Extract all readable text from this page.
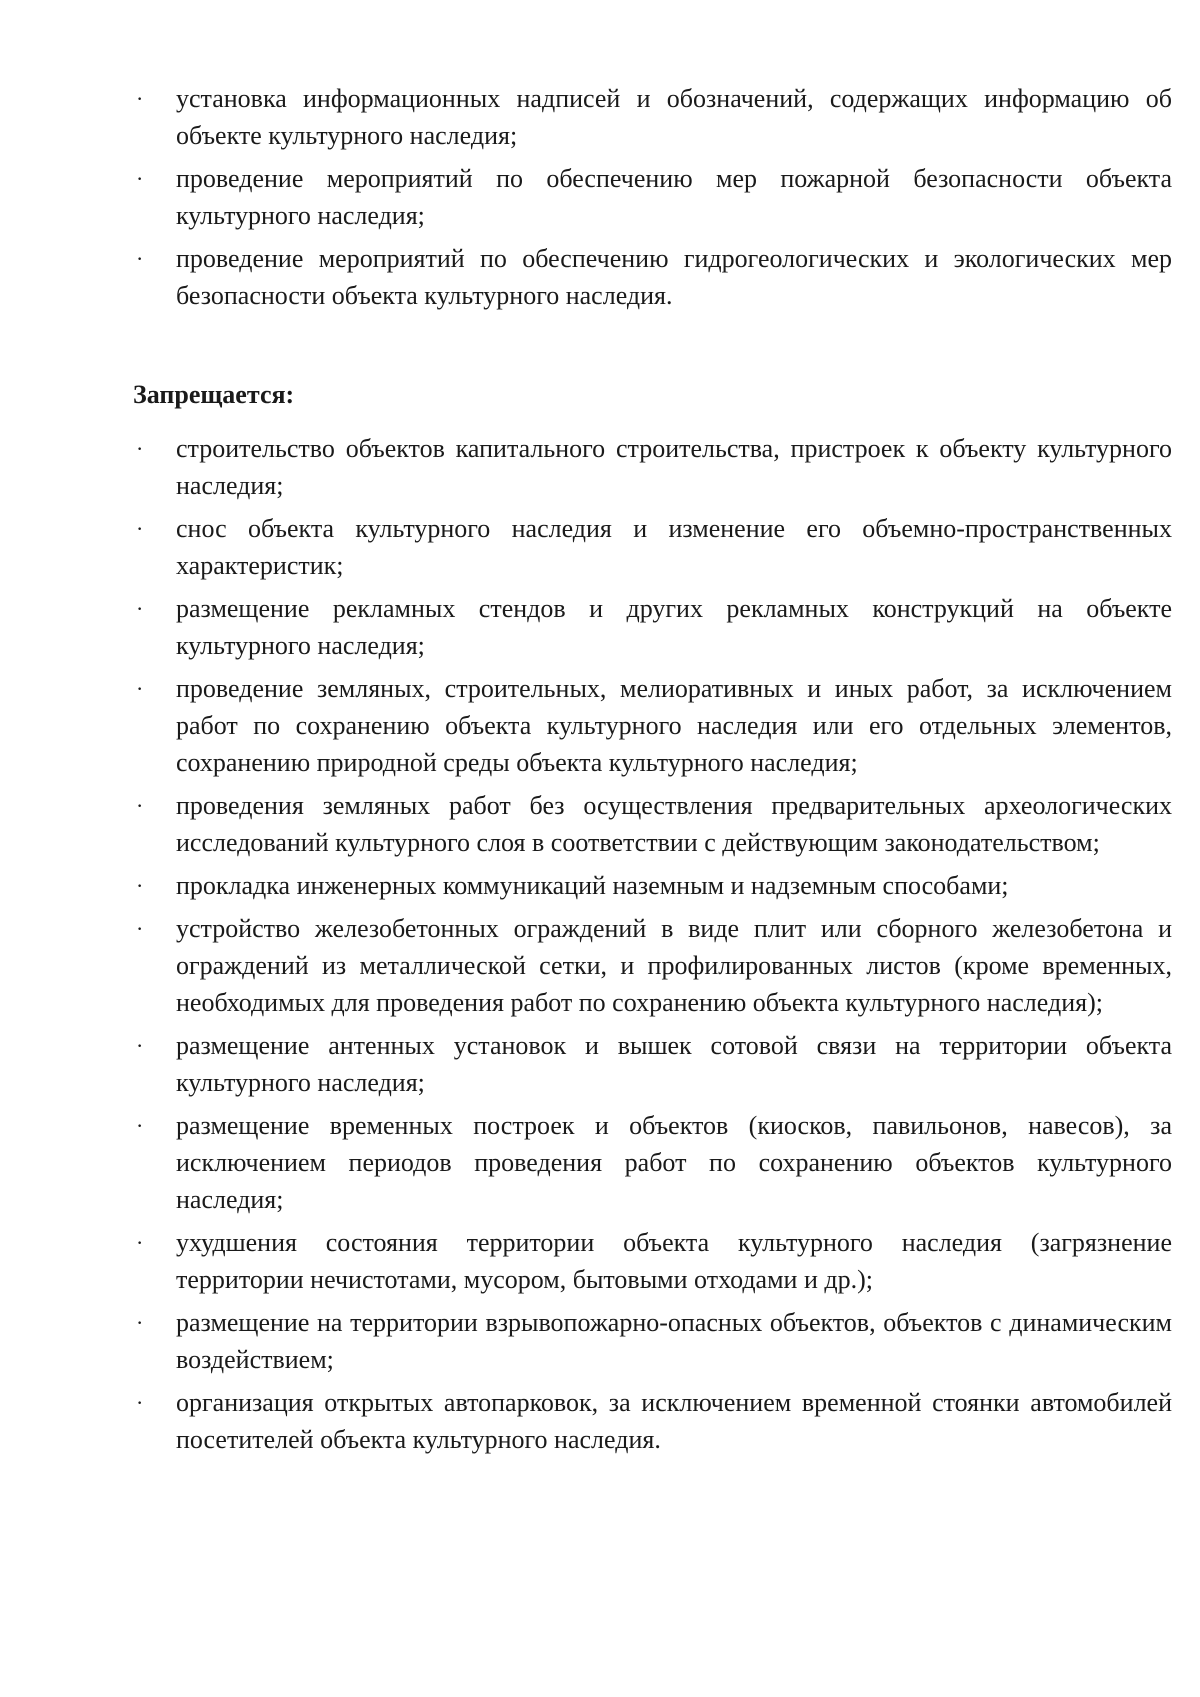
· установка информационных надписей и обозначений, содержащих информацию об объекте культурного наследия;
· проведение мероприятий по обеспечению мер пожарной безопасности объекта культурного наследия;
· проведение мероприятий по обеспечению гидрогеологических и экологических мер безопасности объекта культурного наследия.
Запрещается:
· строительство объектов капитального строительства, пристроек к объекту культурного наследия;
· снос объекта культурного наследия и изменение его объемно-пространственных характеристик;
· размещение рекламных стендов и других рекламных конструкций на объекте культурного наследия;
· проведение земляных, строительных, мелиоративных и иных работ, за исключением работ по сохранению объекта культурного наследия или его отдельных элементов, сохранению природной среды объекта культурного наследия;
· проведения земляных работ без осуществления предварительных археологических исследований культурного слоя в соответствии с действующим законодательством;
· прокладка инженерных коммуникаций наземным и надземным способами;
· устройство железобетонных ограждений в виде плит или сборного железобетона и ограждений из металлической сетки, и профилированных листов (кроме временных, необходимых для проведения работ по сохранению объекта культурного наследия);
· размещение антенных установок и вышек сотовой связи на территории объекта культурного наследия;
· размещение временных построек и объектов (киосков, павильонов, навесов), за исключением периодов проведения работ по сохранению объектов культурного наследия;
· ухудшения состояния территории объекта культурного наследия (загрязнение территории нечистотами, мусором, бытовыми отходами и др.);
· размещение на территории взрывопожарно-опасных объектов, объектов с динамическим воздействием;
· организация открытых автопарковок, за исключением временной стоянки автомобилей посетителей объекта культурного наследия.
